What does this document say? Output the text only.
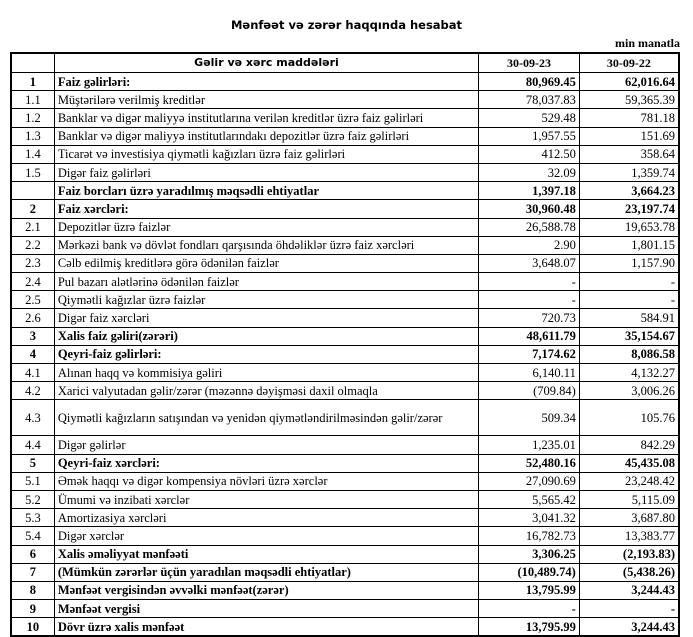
Mənfəət və zərər haqqında hesabat
min manatla
	Gəlir və xərc maddələri	30-09-23	30-09-22
1	Faiz gəlirləri:	80,969.45	62,016.64
1.1	Müştərilərə verilmiş kreditlər	78,037.83	59,365.39
1.2	Banklar və digər maliyyə institutlarına verilən kreditlər üzrə faiz gəlirləri	529.48	781.18
1.3	Banklar və digər maliyyə institutlarındakı depozitlər üzrə faiz gəlirləri	1,957.55	151.69
1.4	Ticarət və investisiya qiymətli kağızları üzrə faiz gəlirləri	412.50	358.64
1.5	Digər faiz gəlirləri	32.09	1,359.74
	Faiz borcları üzrə yaradılmış məqsədli ehtiyatlar	1,397.18	3,664.23
2	Faiz xərcləri:	30,960.48	23,197.74
2.1	Depozitlər üzrə faizlər	26,588.78	19,653.78
2.2	Mərkəzi bank və dövlət fondları qarşısında öhdəliklər üzrə faiz xərcləri	2.90	1,801.15
2.3	Cəlb edilmiş kreditlərə görə ödənilən faizlər	3,648.07	1,157.90
2.4	Pul bazarı alətlərinə ödənilən faizlər	-	-
2.5	Qiymətli kağızlar üzrə faizlər	-	-
2.6	Digər faiz xərcləri	720.73	584.91
3	Xalis faiz gəliri(zərəri)	48,611.79	35,154.67
4	Qeyri-faiz gəlirləri:	7,174.62	8,086.58
4.1	Alınan haqq və kommisiya gəliri	6,140.11	4,132.27
4.2	Xarici valyutadan gəlir/zərər (məzənnə dəyişməsi daxil olmaqla	(709.84)	3,006.26
4.3	Qiymətli kağızların satışından və yenidən qiymətləndirilməsindən gəlir/zərər	509.34	105.76
4.4	Digər gəlirlər	1,235.01	842.29
5	Qeyri-faiz xərcləri:	52,480.16	45,435.08
5.1	Əmək haqqı və digər kompensiya növləri üzrə xərclər	27,090.69	23,248.42
5.2	Ümumi və inzibati xərclər	5,565.42	5,115.09
5.3	Amortizasiya xərcləri	3,041.32	3,687.80
5.4	Digər xərclər	16,782.73	13,383.77
6	Xalis əməliyyat mənfəəti	3,306.25	(2,193.83)
7	(Mümkün zərərlər üçün yaradılan məqsədli ehtiyatlar)	(10,489.74)	(5,438.26)
8	Mənfəət vergisindən əvvəlki mənfəət(zərər)	13,795.99	3,244.43
9	Mənfəət vergisi	-	-
10	Dövr üzrə xalis mənfəət	13,795.99	3,244.43
